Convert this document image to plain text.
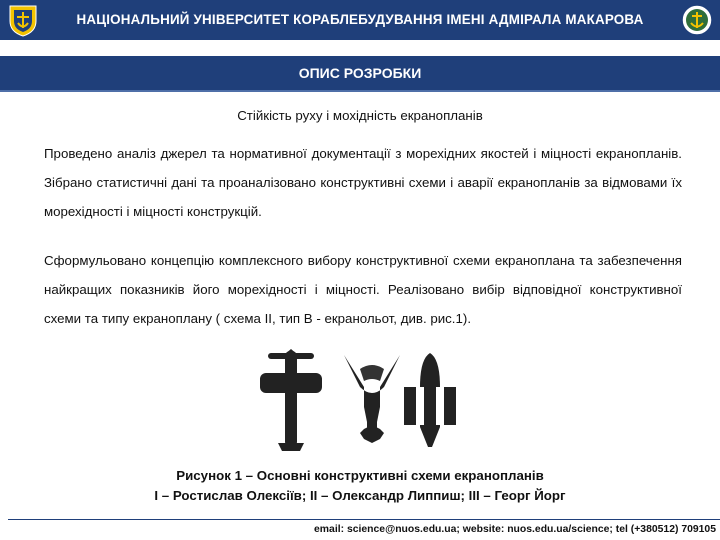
НАЦІОНАЛЬНИЙ УНІВЕРСИТЕТ КОРАБЛЕБУДУВАННЯ ІМЕНІ АДМІРАЛА МАКАРОВА
ОПИС РОЗРОБКИ
Стійкість руху і мохідність екранопланів
Проведено аналіз джерел та нормативної документації з морехідних якостей і міцності екранопланів. Зібрано статистичні дані та проаналізовано конструктивні схеми і аварії екранопланів за відмовами їх морехідності і міцності конструкцій.
Сформульовано концепцію комплексного вибору конструктивної схеми екраноплана та забезпечення найкращих показників його морехідності і міцності. Реалізовано вибір відповідної конструктивної схеми та типу екраноплану ( схема II, тип В - екранольот, див. рис.1).
Рисунок 1 – Основні конструктивні схеми екранопланів
І – Ростислав Олексіїв; ІІ – Олександр Липпиш; ІІІ – Георг Йорг
email: science@nuos.edu.ua; website: nuos.edu.ua/science; tel (+380512) 709105
